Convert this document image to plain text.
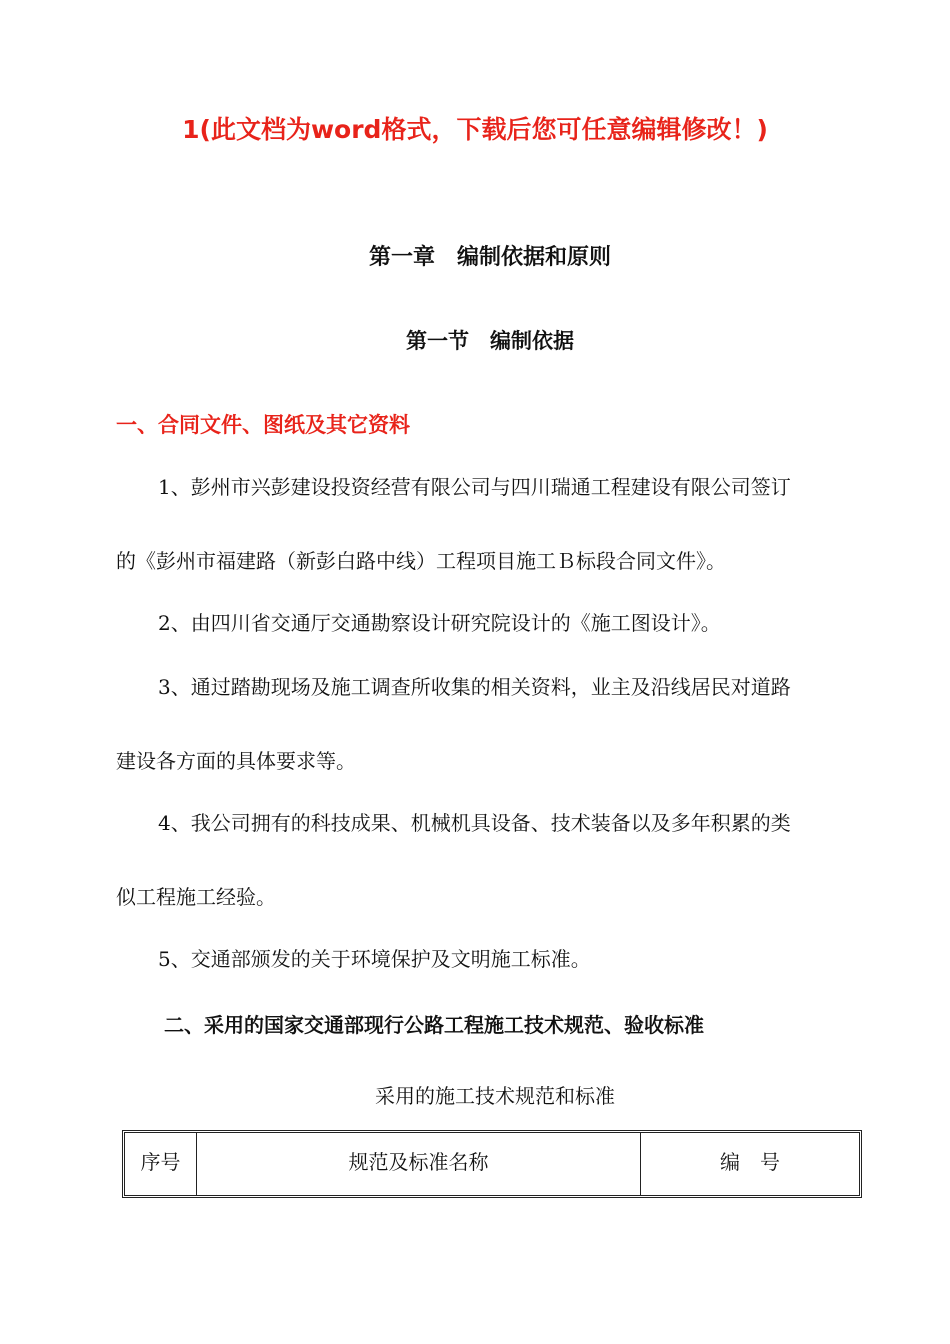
1(此文档为word格式，下载后您可任意编辑修改！)
第一章　编制依据和原则
第一节　编制依据
一、合同文件、图纸及其它资料
1、彭州市兴彭建设投资经营有限公司与四川瑞通工程建设有限公司签订
的《彭州市福建路（新彭白路中线）工程项目施工Ｂ标段合同文件》。
2、由四川省交通厅交通勘察设计研究院设计的《施工图设计》。
3、通过踏勘现场及施工调查所收集的相关资料，业主及沿线居民对道路
建设各方面的具体要求等。
4、我公司拥有的科技成果、机械机具设备、技术装备以及多年积累的类
似工程施工经验。
5、交通部颁发的关于环境保护及文明施工标准。
二、采用的国家交通部现行公路工程施工技术规范、验收标准
采用的施工技术规范和标准
序号	规范及标准名称	编　号
